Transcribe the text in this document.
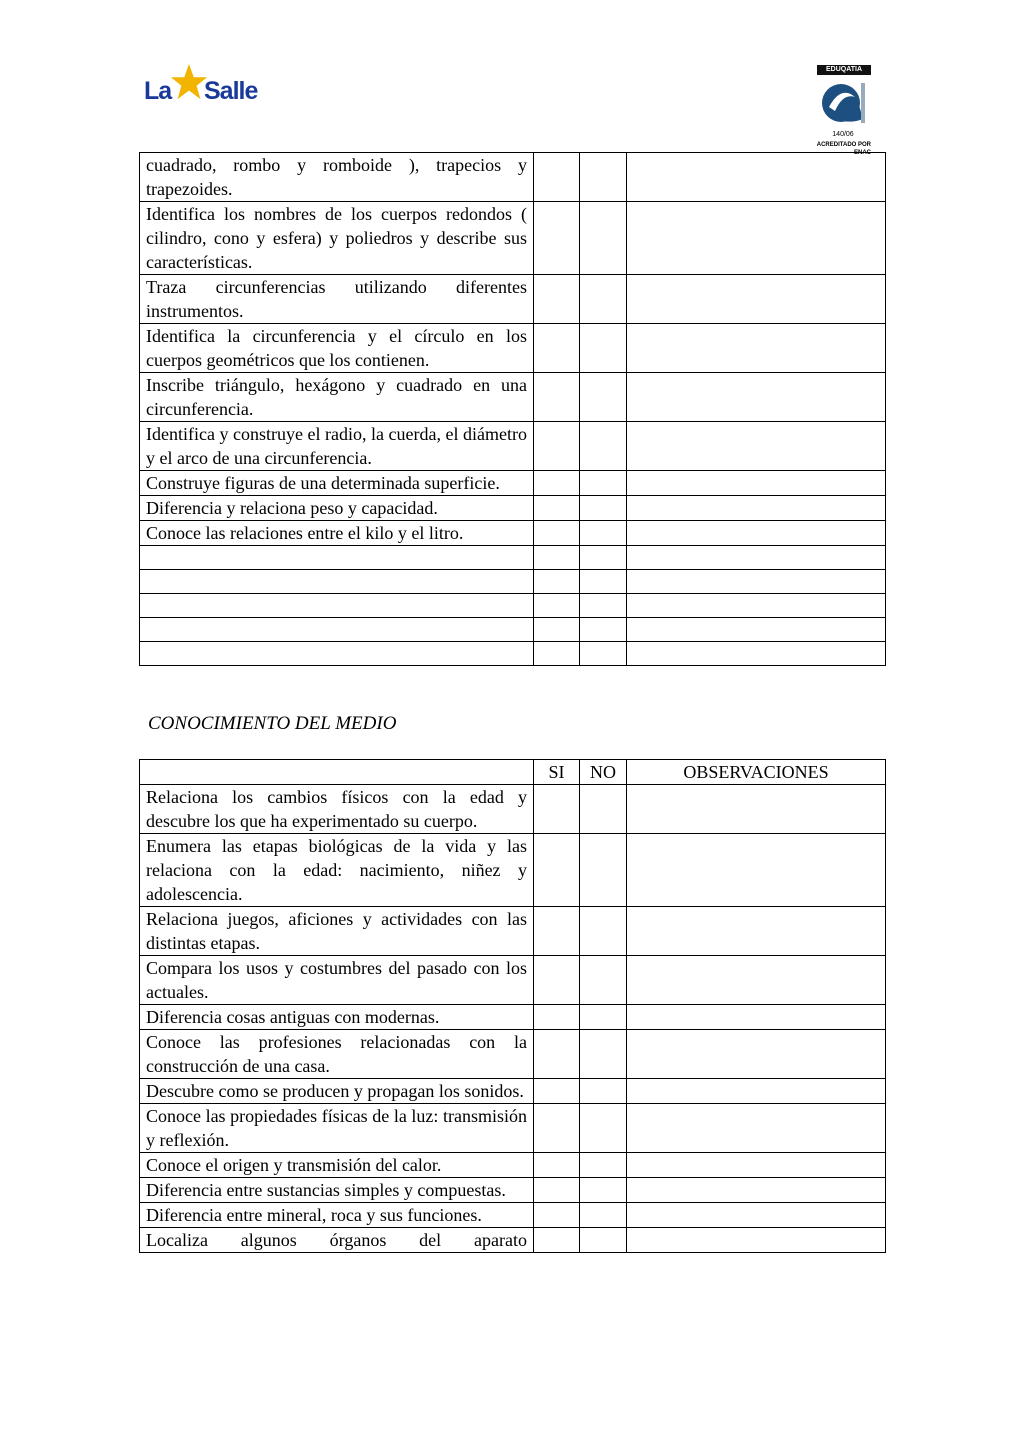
La Salle
EDUQATIA
140/06
ACREDITADO POR ENAC
cuadrado, rombo y romboide ), trapecios y trapezoides.			
Identifica los nombres de los cuerpos redondos ( cilindro, cono y esfera) y poliedros y describe sus características.			
Traza circunferencias utilizando diferentes instrumentos.			
Identifica la circunferencia y el círculo en los cuerpos geométricos que los contienen.			
Inscribe triángulo, hexágono y cuadrado en una circunferencia.			
Identifica y construye el radio, la cuerda, el diámetro y el arco de una circunferencia.			
Construye figuras de una determinada superficie.			
Diferencia y relaciona peso y capacidad.			
Conoce las relaciones entre el kilo y el litro.			

CONOCIMIENTO DEL MEDIO
	SI	NO	OBSERVACIONES
Relaciona los cambios físicos con la edad y descubre los que ha experimentado su cuerpo.			
Enumera las etapas biológicas de la vida y las relaciona con la edad: nacimiento, niñez y adolescencia.			
Relaciona juegos, aficiones y actividades con las distintas etapas.			
Compara los usos y costumbres del pasado con los actuales.			
Diferencia cosas antiguas con modernas.			
Conoce las profesiones relacionadas con la construcción de una casa.			
Descubre como se producen y propagan los sonidos.			
Conoce las propiedades físicas de la luz: transmisión y reflexión.			
Conoce el origen y transmisión del calor.			
Diferencia entre sustancias simples y compuestas.			
Diferencia entre mineral, roca y sus funciones.			
Localiza algunos órganos del aparato			
